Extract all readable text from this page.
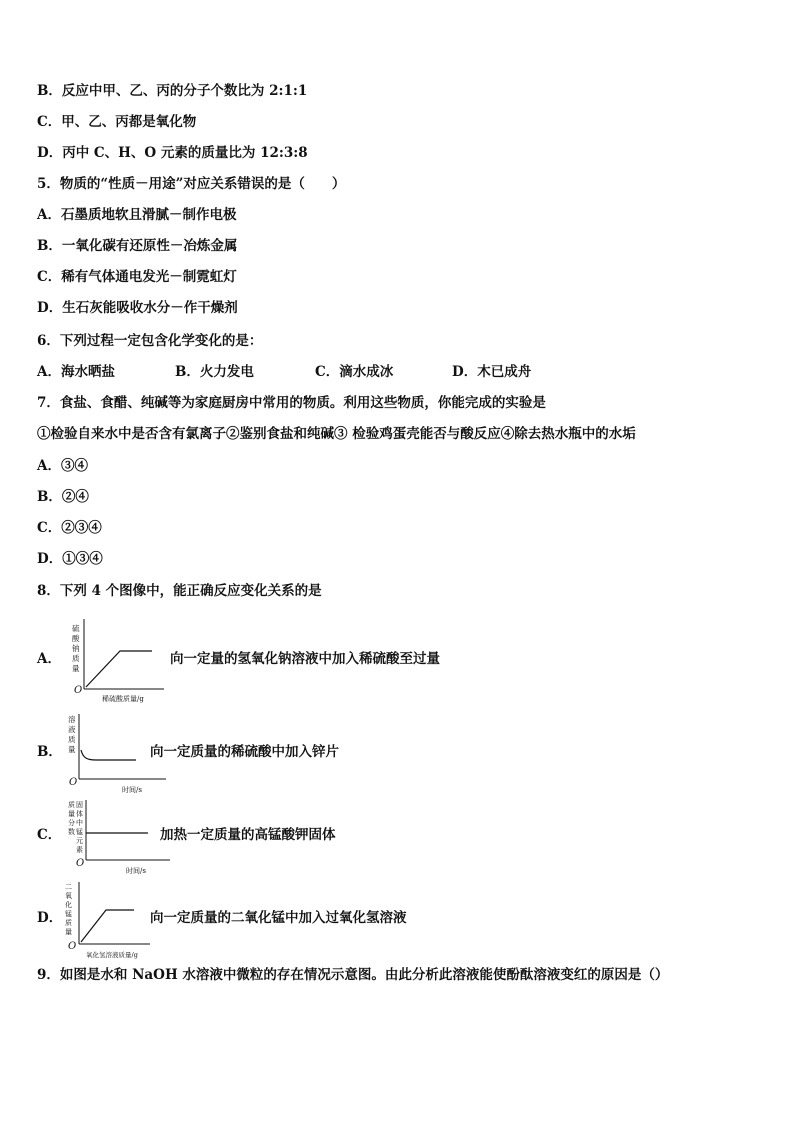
B．反应中甲、乙、丙的分子个数比为 2:1:1
C．甲、乙、丙都是氧化物
D．丙中 C、H、O 元素的质量比为 12:3:8
5．物质的“性质－用途”对应关系错误的是（　　）
A．石墨质地软且滑腻－制作电极
B．一氧化碳有还原性－冶炼金属
C．稀有气体通电发光－制霓虹灯
D．生石灰能吸收水分－作干燥剂
6．下列过程一定包含化学变化的是：
A．海水晒盐	B．火力发电	C．滴水成冰	D．木已成舟
7．食盐、食醋、纯碱等为家庭厨房中常用的物质。利用这些物质，你能完成的实验是
①检验自来水中是否含有氯离子②鉴别食盐和纯碱③ 检验鸡蛋壳能否与酸反应④除去热水瓶中的水垢
A．③④
B．②④
C．②③④
D．①③④
8．下列 4 个图像中，能正确反应变化关系的是
A．
硫
酸
钠
质
量
O
稀硫酸质量/g
向一定量的氢氧化钠溶液中加入稀硫酸至过量
B．
溶
液
质
量
O
时间/s
向一定质量的稀硫酸中加入锌片
C．
质
量
分
数
固
体
中
锰
元
素
O
时间/s
加热一定质量的高锰酸钾固体
D．
二
氧
化
锰
质
量
O
氧化氢溶液质量/g
向一定质量的二氧化锰中加入过氧化氢溶液
9．如图是水和 NaOH 水溶液中微粒的存在情况示意图。由此分析此溶液能使酚酞溶液变红的原因是（）
